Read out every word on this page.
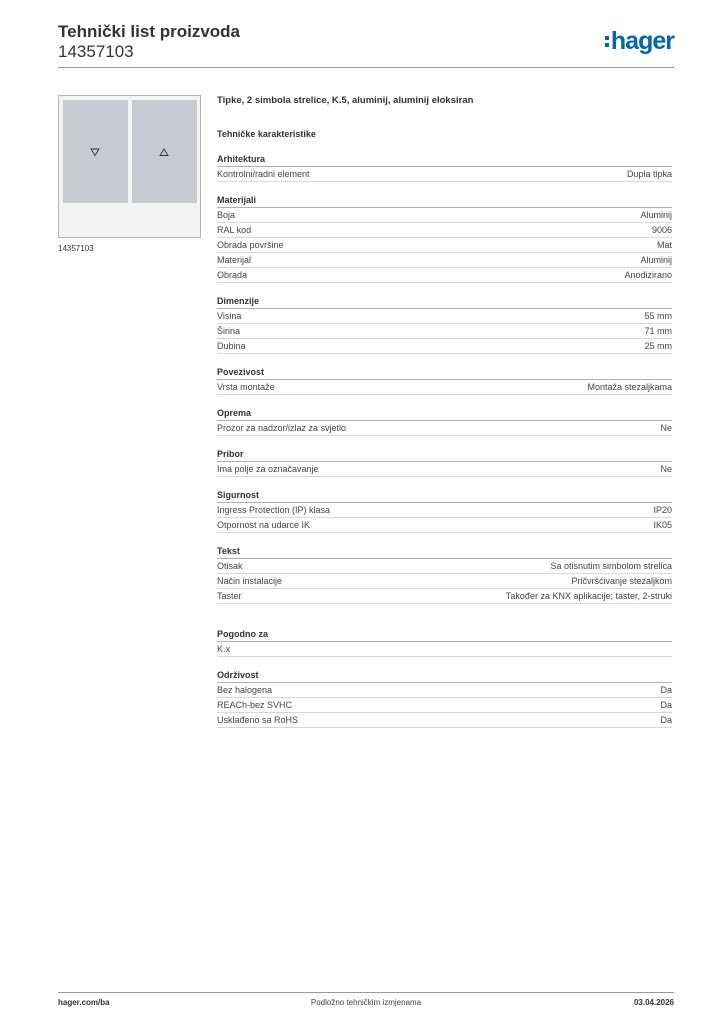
Tehnički list proizvoda
14357103	hager
14357103
Tipke, 2 simbola strelice, K.5, aluminij, aluminij eloksiran
Tehničke karakteristike
Arhitektura
Kontrolni/radni element	Dupla tipka
Materijali
Boja	Aluminij
RAL kod	9006
Obrada površine	Mat
Materijal	Aluminij
Obrada	Anodizirano
Dimenzije
Visina	55 mm
Širina	71 mm
Dubina	25 mm
Povezivost
Vrsta montaže	Montaža stezaljkama
Oprema
Prozor za nadzor/izlaz za svjetlo	Ne
Pribor
Ima polje za označavanje	Ne
Sigurnost
Ingress Protection (IP) klasa	IP20
Otpornost na udarce IK	IK05
Tekst
Otisak	Sa otisnutim simbolom strelica
Način instalacije	Pričvršćivanje stezaljkom
Taster	Također za KNX aplikacije; taster, 2-struki
Pogodno za
K.x
Održivost
Bez halogena	Da
REACh-bez SVHC	Da
Usklađeno sa RoHS	Da
hager.com/ba	Podložno tehničkim izmjenama	03.04.2026
